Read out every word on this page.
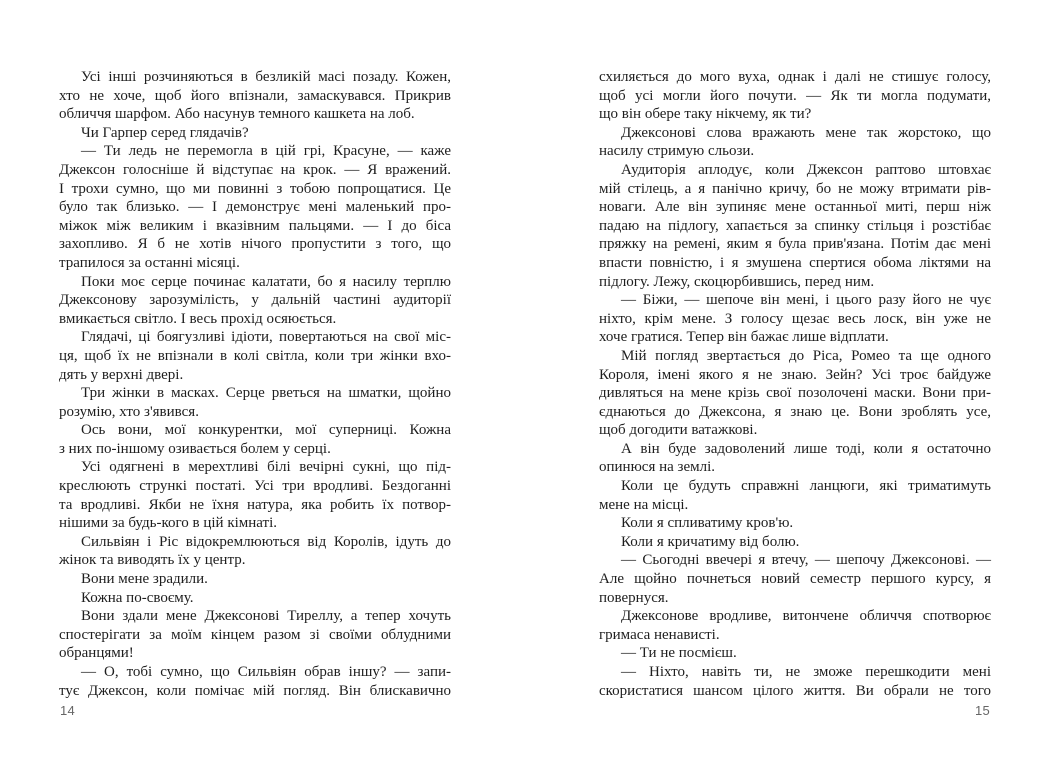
Усі інші розчиняються в безликій масі позаду. Кожен,
хто не хоче, щоб його впізнали, замаскувався. Прикрив
обличчя шарфом. Або насунув темного кашкета на лоб.
Чи Гарпер серед глядачів?
— Ти ледь не перемогла в цій грі, Красуне, — каже
Джексон голосніше й відступає на крок. — Я вражений.
І трохи сумно, що ми повинні з тобою попрощатися. Це
було так близько. — І демонструє мені маленький про-
міжок між великим і вказівним пальцями. — І до біса
захопливо. Я б не хотів нічого пропустити з того, що
трапилося за останні місяці.
Поки моє серце починає калатати, бо я насилу терплю
Джексонову зарозумілість, у дальній частині аудиторії
вмикається світло. І весь прохід осяюється.
Глядачі, ці боягузливі ідіоти, повертаються на свої міс-
ця, щоб їх не впізнали в колі світла, коли три жінки вхо-
дять у верхні двері.
Три жінки в масках. Серце рветься на шматки, щойно
розумію, хто з'явився.
Ось вони, мої конкурентки, мої суперниці. Кожна
з них по-іншому озивається болем у серці.
Усі одягнені в мерехтливі білі вечірні сукні, що під-
креслюють стрункі постаті. Усі три вродливі. Бездоганні
та вродливі. Якби не їхня натура, яка робить їх потвор-
нішими за будь-кого в цій кімнаті.
Сильвіян і Ріс відокремлюються від Королів, ідуть до
жінок та виводять їх у центр.
Вони мене зрадили.
Кожна по-своєму.
Вони здали мене Джексонові Тиреллу, а тепер хочуть
спостерігати за моїм кінцем разом зі своїми облудними
обранцями!
— О, тобі сумно, що Сильвіян обрав іншу? — запи-
тує Джексон, коли помічає мій погляд. Він блискавично
схиляється до мого вуха, однак і далі не стишує голосу,
щоб усі могли його почути. — Як ти могла подумати,
що він обере таку нікчему, як ти?
Джексонові слова вражають мене так жорстоко, що
насилу стримую сльози.
Аудиторія аплодує, коли Джексон раптово штовхає
мій стілець, а я панічно кричу, бо не можу втримати рів-
новаги. Але він зупиняє мене останньої миті, перш ніж
падаю на підлогу, хапається за спинку стільця і розстібає
пряжку на ремені, яким я була прив'язана. Потім дає мені
впасти повністю, і я змушена спертися обома ліктями на
підлогу. Лежу, скоцюрбившись, перед ним.
— Біжи, — шепоче він мені, і цього разу його не чує
ніхто, крім мене. З голосу щезає весь лоск, він уже не
хоче гратися. Тепер він бажає лише відплати.
Мій погляд звертається до Ріса, Ромео та ще одного
Короля, імені якого я не знаю. Зейн? Усі троє байдуже
дивляться на мене крізь свої позолочені маски. Вони при-
єднаються до Джексона, я знаю це. Вони зроблять усе,
щоб догодити ватажкові.
А він буде задоволений лише тоді, коли я остаточно
опинюся на землі.
Коли це будуть справжні ланцюги, які триматимуть
мене на місці.
Коли я спливатиму кров'ю.
Коли я кричатиму від болю.
— Сьогодні ввечері я втечу, — шепочу Джексонові. —
Але щойно почнеться новий семестр першого курсу, я
повернуся.
Джексонове вродливе, витончене обличчя спотворює
гримаса ненависті.
— Ти не посмієш.
— Ніхто, навіть ти, не зможе перешкодити мені
скористатися шансом цілого життя. Ви обрали не того
14	15
